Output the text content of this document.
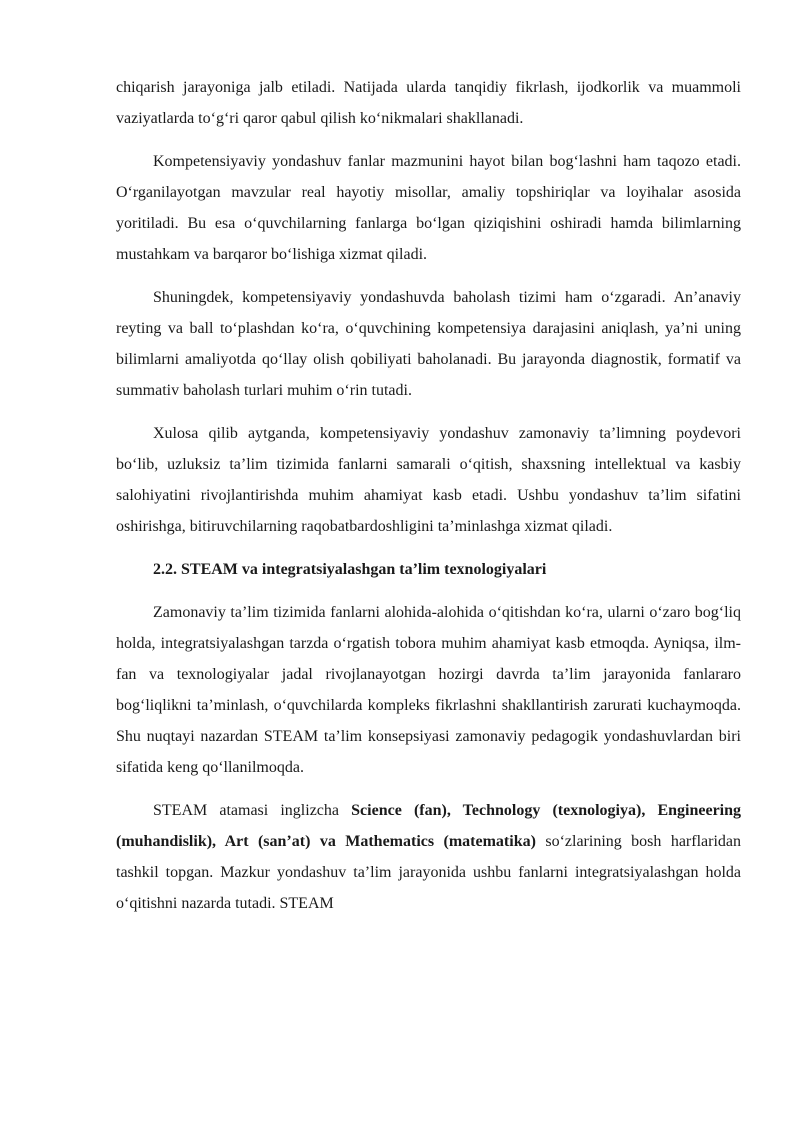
chiqarish jarayoniga jalb etiladi. Natijada ularda tanqidiy fikrlash, ijodkorlik va muammoli vaziyatlarda to‘g‘ri qaror qabul qilish ko‘nikmalari shakllanadi.

Kompetensiyaviy yondashuv fanlar mazmunini hayot bilan bog‘lashni ham taqozo etadi. O‘rganilayotgan mavzular real hayotiy misollar, amaliy topshiriqlar va loyihalar asosida yoritiladi. Bu esa o‘quvchilarning fanlarga bo‘lgan qiziqishini oshiradi hamda bilimlarning mustahkam va barqaror bo‘lishiga xizmat qiladi.

Shuningdek, kompetensiyaviy yondashuvda baholash tizimi ham o‘zgaradi. An’anaviy reyting va ball to‘plashdan ko‘ra, o‘quvchining kompetensiya darajasini aniqlash, ya’ni uning bilimlarni amaliyotda qo‘llay olish qobiliyati baholanadi. Bu jarayonda diagnostik, formatif va summativ baholash turlari muhim o‘rin tutadi.

Xulosa qilib aytganda, kompetensiyaviy yondashuv zamonaviy ta’limning poydevori bo‘lib, uzluksiz ta’lim tizimida fanlarni samarali o‘qitish, shaxsning intellektual va kasbiy salohiyatini rivojlantirishda muhim ahamiyat kasb etadi. Ushbu yondashuv ta’lim sifatini oshirishga, bitiruvchilarning raqobatbardoshligini ta’minlashga xizmat qiladi.

2.2. STEAM va integratsiyalashgan ta’lim texnologiyalari

Zamonaviy ta’lim tizimida fanlarni alohida-alohida o‘qitishdan ko‘ra, ularni o‘zaro bog‘liq holda, integratsiyalashgan tarzda o‘rgatish tobora muhim ahamiyat kasb etmoqda. Ayniqsa, ilm-fan va texnologiyalar jadal rivojlanayotgan hozirgi davrda ta’lim jarayonida fanlararo bog‘liqlikni ta’minlash, o‘quvchilarda kompleks fikrlashni shakllantirish zarurati kuchaymoqda. Shu nuqtayi nazardan STEAM ta’lim konsepsiyasi zamonaviy pedagogik yondashuvlardan biri sifatida keng qo‘llanilmoqda.

STEAM atamasi inglizcha Science (fan), Technology (texnologiya), Engineering (muhandislik), Art (san’at) va Mathematics (matematika) so‘zlarining bosh harflaridan tashkil topgan. Mazkur yondashuv ta’lim jarayonida ushbu fanlarni integratsiyalashgan holda o‘qitishni nazarda tutadi. STEAM
